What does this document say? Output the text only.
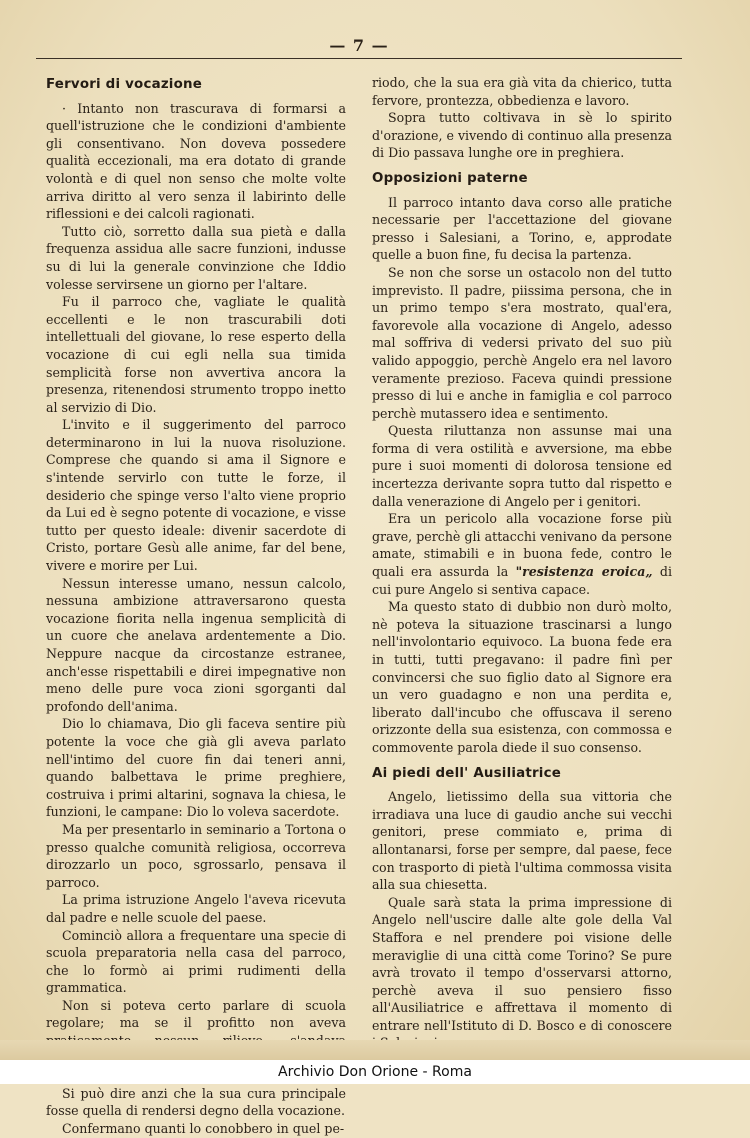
— 7 —
Fervori di vocazione

· Intanto non trascurava di formarsi a quell'istruzione che le condizioni d'ambiente gli consentivano. Non doveva possedere qualità eccezionali, ma era dotato di grande volontà e di quel non senso che molte volte arriva diritto al vero senza il labirinto delle riflessioni e dei calcoli ragionati.

Tutto ciò, sorretto dalla sua pietà e dalla frequenza assidua alle sacre funzioni, indusse su di lui la generale convinzione che Iddio volesse servirsene un giorno per l'altare.

Fu il parroco che, vagliate le qualità eccellenti e le non trascurabili doti intellettuali del giovane, lo rese esperto della vocazione di cui egli nella sua timida semplicità forse non avvertiva ancora la presenza, ritenendosi strumento troppo inetto al servizio di Dio.

L'invito e il suggerimento del parroco determinarono in lui la nuova risoluzione. Comprese che quando si ama il Signore e s'intende servirlo con tutte le forze, il desiderio che spinge verso l'alto viene proprio da Lui ed è segno potente di vocazione, e visse tutto per questo ideale: divenir sacerdote di Cristo, portare Gesù alle anime, far del bene, vivere e morire per Lui.

Nessun interesse umano, nessun calcolo, nessuna ambizione attraversarono questa vocazione fiorita nella ingenua semplicità di un cuore che anelava ardentemente a Dio. Neppure nacque da circostanze estranee, anch'esse rispettabili e direi impegnative non meno delle pure voca zioni sgorganti dal profondo dell'anima.

Dio lo chiamava, Dio gli faceva sentire più potente la voce che già gli aveva parlato nell'intimo del cuore fin dai teneri anni, quando balbettava le prime preghiere, costruiva i primi altarini, sognava la chiesa, le funzioni, le campane: Dio lo voleva sacerdote.

Ma per presentarlo in seminario a Tortona o presso qualche comunità religiosa, occorreva dirozzarlo un poco, sgrossarlo, pensava il parroco.

La prima istruzione Angelo l'aveva ricevuta dal padre e nelle scuole del paese.

Cominciò allora a frequentare una specie di scuola preparatoria nella casa del parroco, che lo formò ai primi rudimenti della grammatica.

Non si poteva certo parlare di scuola regolare; ma se il profitto non aveva

Si può dire anzi che la sua cura principale fosse quella di rendersi degno della vocazione.

Confermano quanti lo conobbero in quel pe-

riodo, che la sua era già vita da chierico, tutta fervore, prontezza, obbedienza e lavoro.

Sopra tutto coltivava in sè lo spirito d'orazione, e vivendo di continuo alla presenza di Dio passava lunghe ore in preghiera.

Opposizioni paterne

Il parroco intanto dava corso alle pratiche necessarie per l'accettazione del giovane presso i Salesiani, a Torino, e, approdate quelle a buon fine, fu decisa la partenza.

Se non che sorse un ostacolo non del tutto imprevisto. Il padre, piissima persona, che in un primo tempo s'era mostrato, qual'era, favorevole alla vocazione di Angelo, adesso mal soffriva di vedersi privato del suo più valido appoggio, perchè Angelo era nel lavoro veramente prezioso. Faceva quindi pressione presso di lui e anche in famiglia e col parroco perchè mutassero idea e sentimento.

Questa riluttanza non assunse mai una forma di vera ostilità e avversione, ma ebbe pure i suoi momenti di dolorosa tensione ed incertezza derivante sopra tutto dal rispetto e dalla venerazione di Angelo per i genitori.

Era un pericolo alla vocazione forse più grave, perchè gli attacchi venivano da persone amate, stimabili e in buona fede, contro le quali era assurda la "resistenza eroica„ di cui pure Angelo si sentiva capace.

Ma questo stato di dubbio non durò molto, nè poteva la situazione trascinarsi a lungo nell'involontario equivoco. La buona fede era in tutti, tutti pregavano: il padre finì per convincersi che suo figlio dato al Signore era un vero guadagno e non una perdita e, liberato dall'incubo che offuscava il sereno orizzonte della sua esistenza, con commossa e commovente parola diede il suo consenso.

Ai piedi dell' Ausiliatrice

Angelo, lietissimo della sua vittoria che irradiava una luce di gaudio anche sui vecchi genitori, prese commiato e, prima di allontanarsi, forse per sempre, dal paese, fece con trasporto di pietà l'ultima commossa visita alla sua chiesetta.

Quale sarà stata la prima impressione di Angelo nell'uscire dalle alte gole della Val Staffora e nel prendere poi visione delle meraviglie di una città come Torino? Se pure avrà trovato il tempo d'osservarsi attorno, perchè aveva il suo pensiero fisso all'Ausiliatrice e affrettava il momento di entrare nell'Istituto di D. Bosco e di conoscere

Archivio Don Orione - Roma
